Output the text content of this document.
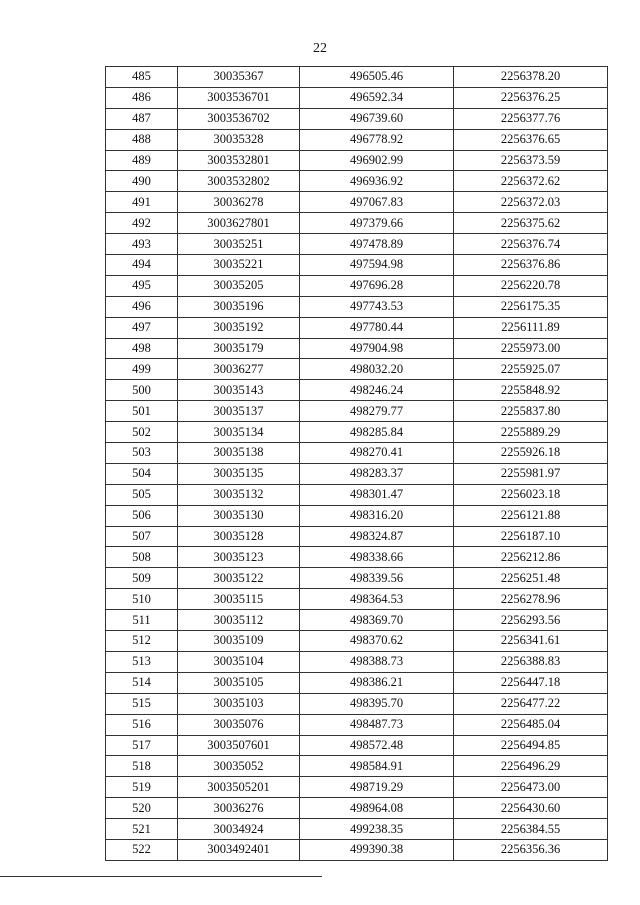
22
485	30035367	496505.46	2256378.20
486	3003536701	496592.34	2256376.25
487	3003536702	496739.60	2256377.76
488	30035328	496778.92	2256376.65
489	3003532801	496902.99	2256373.59
490	3003532802	496936.92	2256372.62
491	30036278	497067.83	2256372.03
492	3003627801	497379.66	2256375.62
493	30035251	497478.89	2256376.74
494	30035221	497594.98	2256376.86
495	30035205	497696.28	2256220.78
496	30035196	497743.53	2256175.35
497	30035192	497780.44	2256111.89
498	30035179	497904.98	2255973.00
499	30036277	498032.20	2255925.07
500	30035143	498246.24	2255848.92
501	30035137	498279.77	2255837.80
502	30035134	498285.84	2255889.29
503	30035138	498270.41	2255926.18
504	30035135	498283.37	2255981.97
505	30035132	498301.47	2256023.18
506	30035130	498316.20	2256121.88
507	30035128	498324.87	2256187.10
508	30035123	498338.66	2256212.86
509	30035122	498339.56	2256251.48
510	30035115	498364.53	2256278.96
511	30035112	498369.70	2256293.56
512	30035109	498370.62	2256341.61
513	30035104	498388.73	2256388.83
514	30035105	498386.21	2256447.18
515	30035103	498395.70	2256477.22
516	30035076	498487.73	2256485.04
517	3003507601	498572.48	2256494.85
518	30035052	498584.91	2256496.29
519	3003505201	498719.29	2256473.00
520	30036276	498964.08	2256430.60
521	30034924	499238.35	2256384.55
522	3003492401	499390.38	2256356.36
